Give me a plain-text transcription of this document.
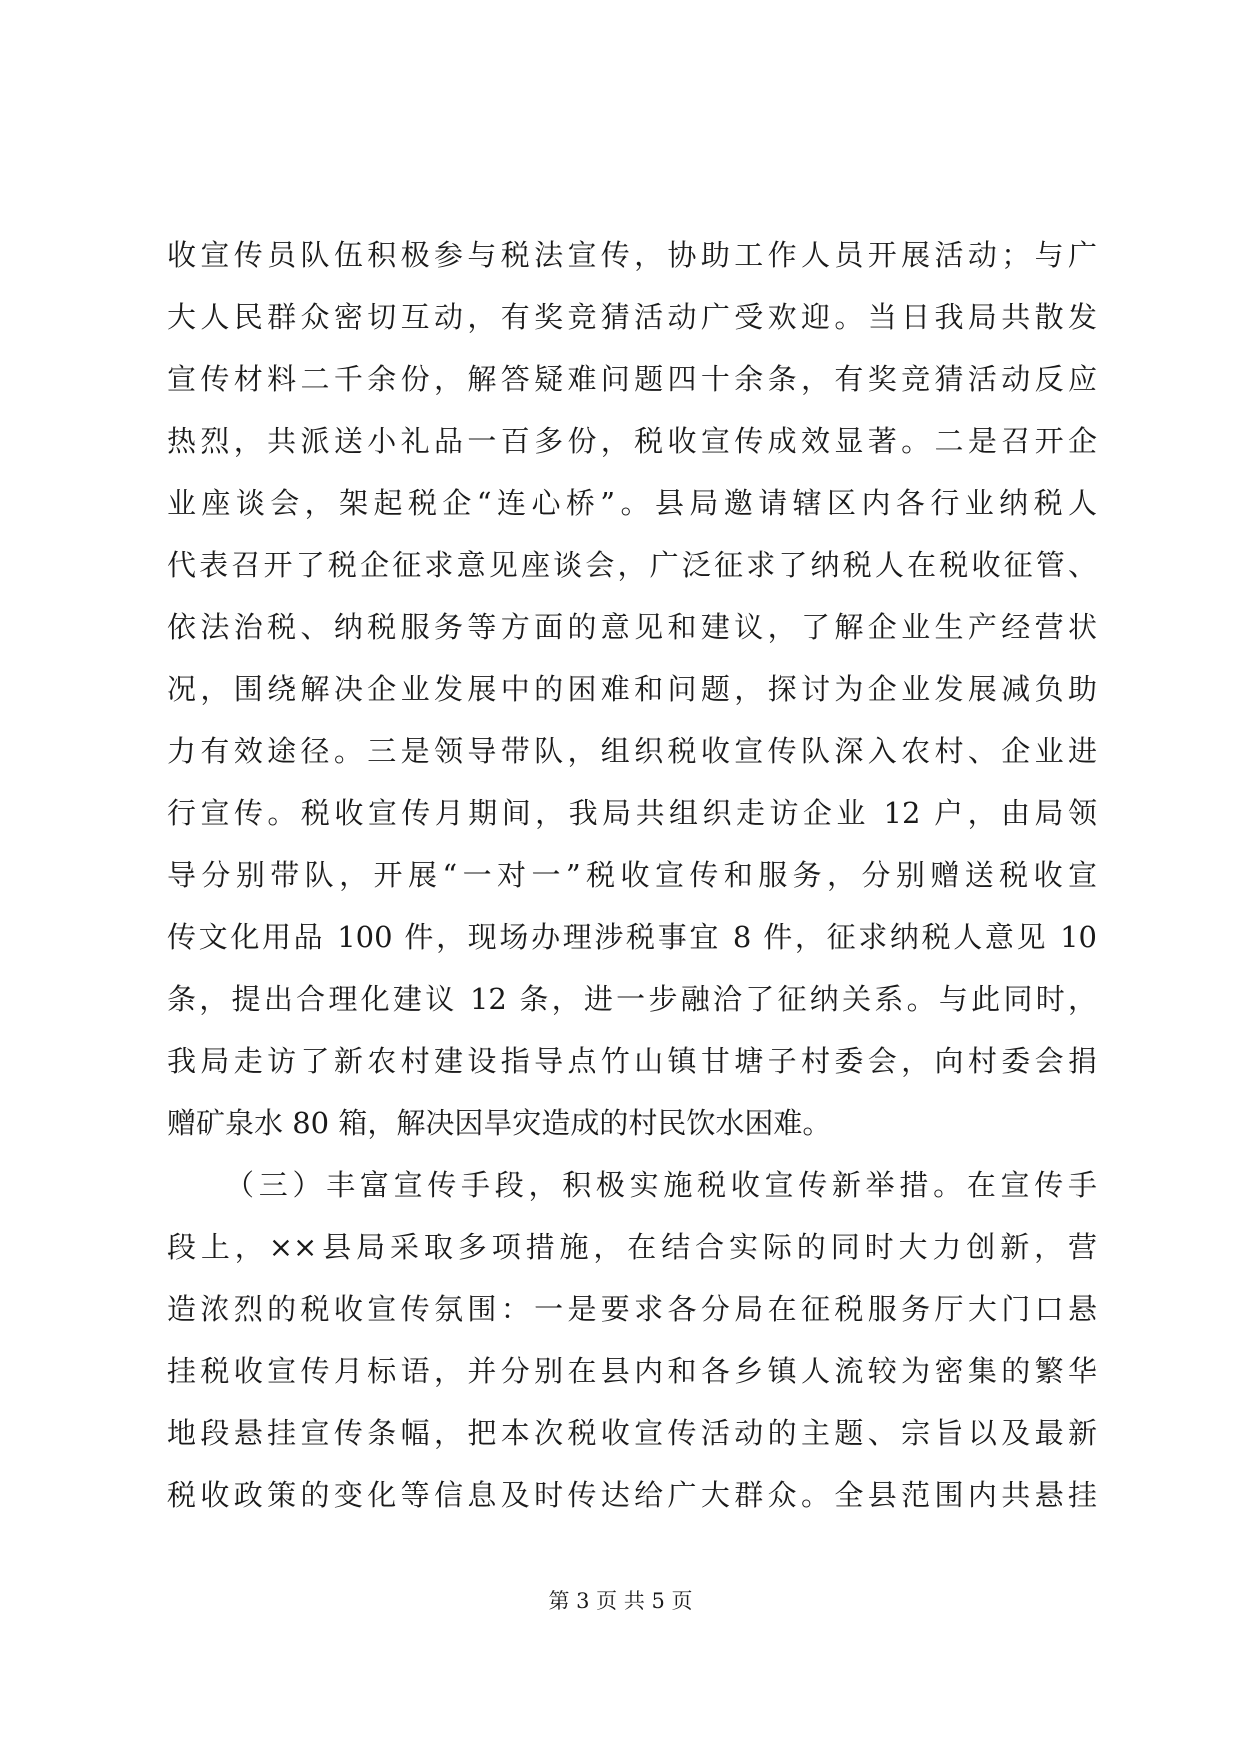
收宣传员队伍积极参与税法宣传，协助工作人员开展活动；与广
大人民群众密切互动，有奖竞猜活动广受欢迎。当日我局共散发
宣传材料二千余份，解答疑难问题四十余条，有奖竞猜活动反应
热烈，共派送小礼品一百多份，税收宣传成效显著。二是召开企
业座谈会，架起税企“连心桥”。县局邀请辖区内各行业纳税人
代表召开了税企征求意见座谈会，广泛征求了纳税人在税收征管、
依法治税、纳税服务等方面的意见和建议，了解企业生产经营状
况，围绕解决企业发展中的困难和问题，探讨为企业发展减负助
力有效途径。三是领导带队，组织税收宣传队深入农村、企业进
行宣传。税收宣传月期间，我局共组织走访企业 12 户，由局领
导分别带队，开展“一对一”税收宣传和服务，分别赠送税收宣
传文化用品 100 件，现场办理涉税事宜 8 件，征求纳税人意见 10
条，提出合理化建议 12 条，进一步融洽了征纳关系。与此同时，
我局走访了新农村建设指导点竹山镇甘塘子村委会，向村委会捐
赠矿泉水 80 箱，解决因旱灾造成的村民饮水困难。
（三）丰富宣传手段，积极实施税收宣传新举措。在宣传手
段上，××县局采取多项措施，在结合实际的同时大力创新，营
造浓烈的税收宣传氛围：一是要求各分局在征税服务厅大门口悬
挂税收宣传月标语，并分别在县内和各乡镇人流较为密集的繁华
地段悬挂宣传条幅，把本次税收宣传活动的主题、宗旨以及最新
税收政策的变化等信息及时传达给广大群众。全县范围内共悬挂
第 3 页 共 5 页
